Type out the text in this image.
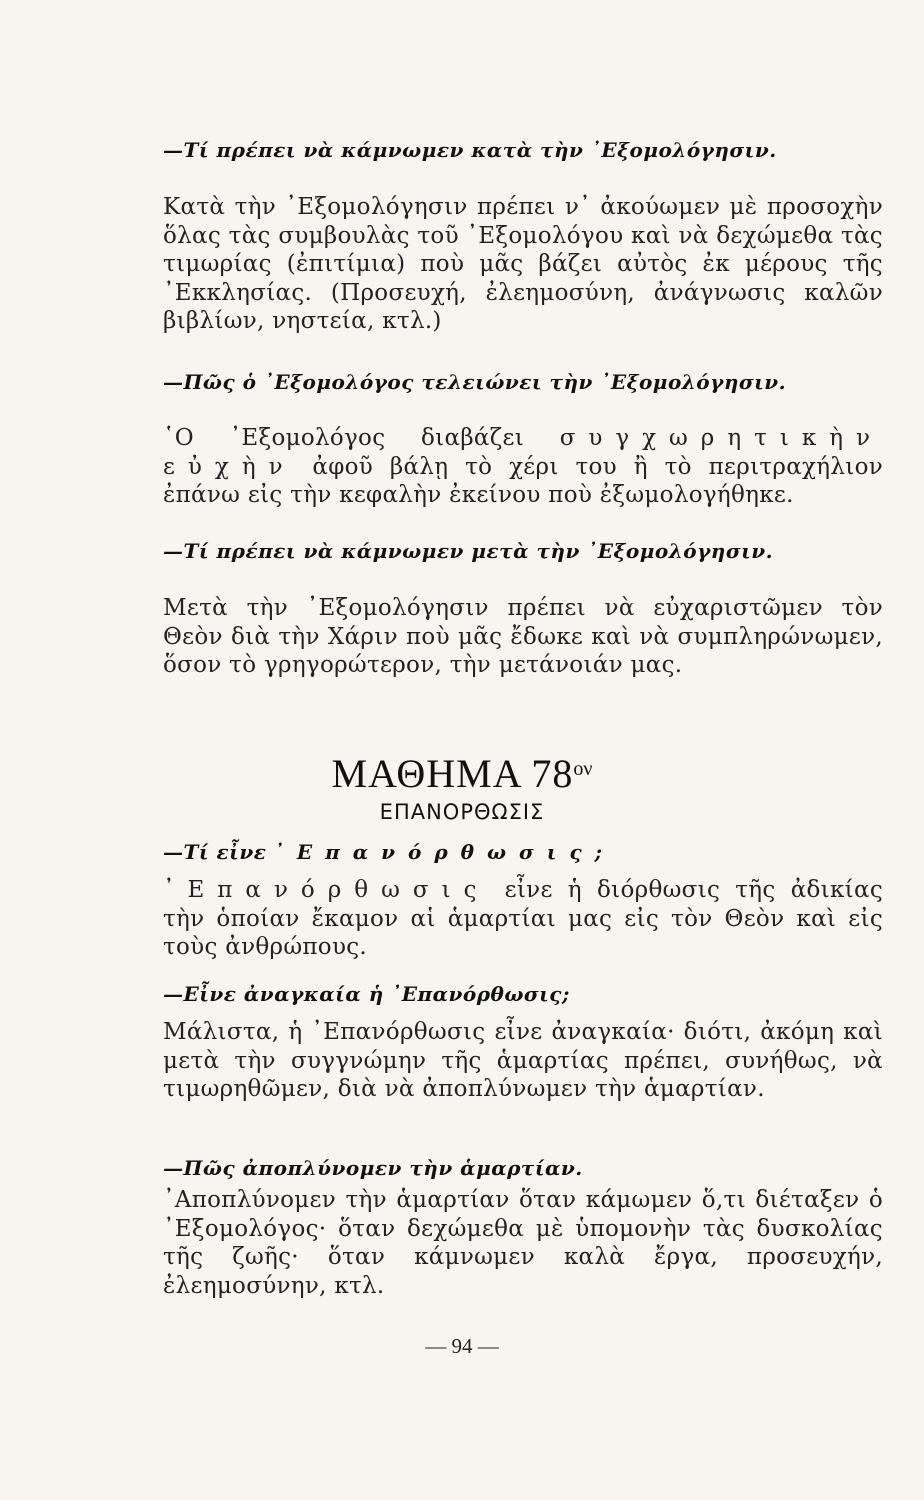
—Τί πρέπει νὰ κάμνωμεν κατὰ τὴν ᾿Εξομολόγησιν.
Κατὰ τὴν ᾿Εξομολόγησιν πρέπει ν᾿ ἀκούωμεν μὲ προσοχὴν ὅλας τὰς συμβουλὰς τοῦ ᾿Εξομολόγου καὶ νὰ δεχώμεθα τὰς τιμωρίας (ἐπιτίμια) ποὺ μᾶς βάζει αὐτὸς ἐκ μέρους τῆς ᾿Εκκλησίας. (Προσευχή, ἐλεημοσύνη, ἀνάγνωσις καλῶν βιβλίων, νηστεία, κτλ.)
—Πῶς ὁ ᾿Εξομολόγος τελειώνει τὴν ᾿Εξομολόγησιν.
῾Ο ᾿Εξομολόγος διαβάζει συγχωρητικὴν εὐχὴν ἀφοῦ βάλῃ τὸ χέρι του ἢ τὸ περιτραχήλιον ἐπάνω εἰς τὴν κεφαλὴν ἐκείνου ποὺ ἐξωμολογήθηκε.
—Τί πρέπει νὰ κάμνωμεν μετὰ τὴν ᾿Εξομολόγησιν.
Μετὰ τὴν ᾿Εξομολόγησιν πρέπει νὰ εὐχαριστῶμεν τὸν Θεὸν διὰ τὴν Χάριν ποὺ μᾶς ἔδωκε καὶ νὰ συμπληρώνωμεν, ὅσον τὸ γρηγορώτερον, τὴν μετάνοιάν μας.
ΜΑΘΗΜΑ $78^{o\nu}$
ΕΠΑΝΟΡΘΩΣΙΣ
—Τί εἶνε ᾿Επανόρθωσις;
᾿Επανόρθωσις εἶνε ἡ διόρθωσις τῆς ἀδικίας τὴν ὁποίαν ἔκαμον αἱ ἁμαρτίαι μας εἰς τὸν Θεὸν καὶ εἰς τοὺς ἀνθρώπους.
—Εἶνε ἀναγκαία ἡ ᾿Επανόρθωσις;
Μάλιστα, ἡ ᾿Επανόρθωσις εἶνε ἀναγκαία· διότι, ἀκόμη καὶ μετὰ τὴν συγγνώμην τῆς ἁμαρτίας πρέπει, συνήθως, νὰ τιμωρηθῶμεν, διὰ νὰ ἀποπλύνωμεν τὴν ἁμαρτίαν.
—Πῶς ἀποπλύνομεν τὴν ἁμαρτίαν.
᾿Αποπλύνομεν τὴν ἁμαρτίαν ὅταν κάμωμεν ὅ,τι διέταξεν ὁ ᾿Εξομολόγος· ὅταν δεχώμεθα μὲ ὑπομονὴν τὰς δυσκολίας τῆς ζωῆς· ὅταν κάμνωμεν καλὰ ἔργα, προσευχήν, ἐλεημοσύνην, κτλ.
— 94 —
